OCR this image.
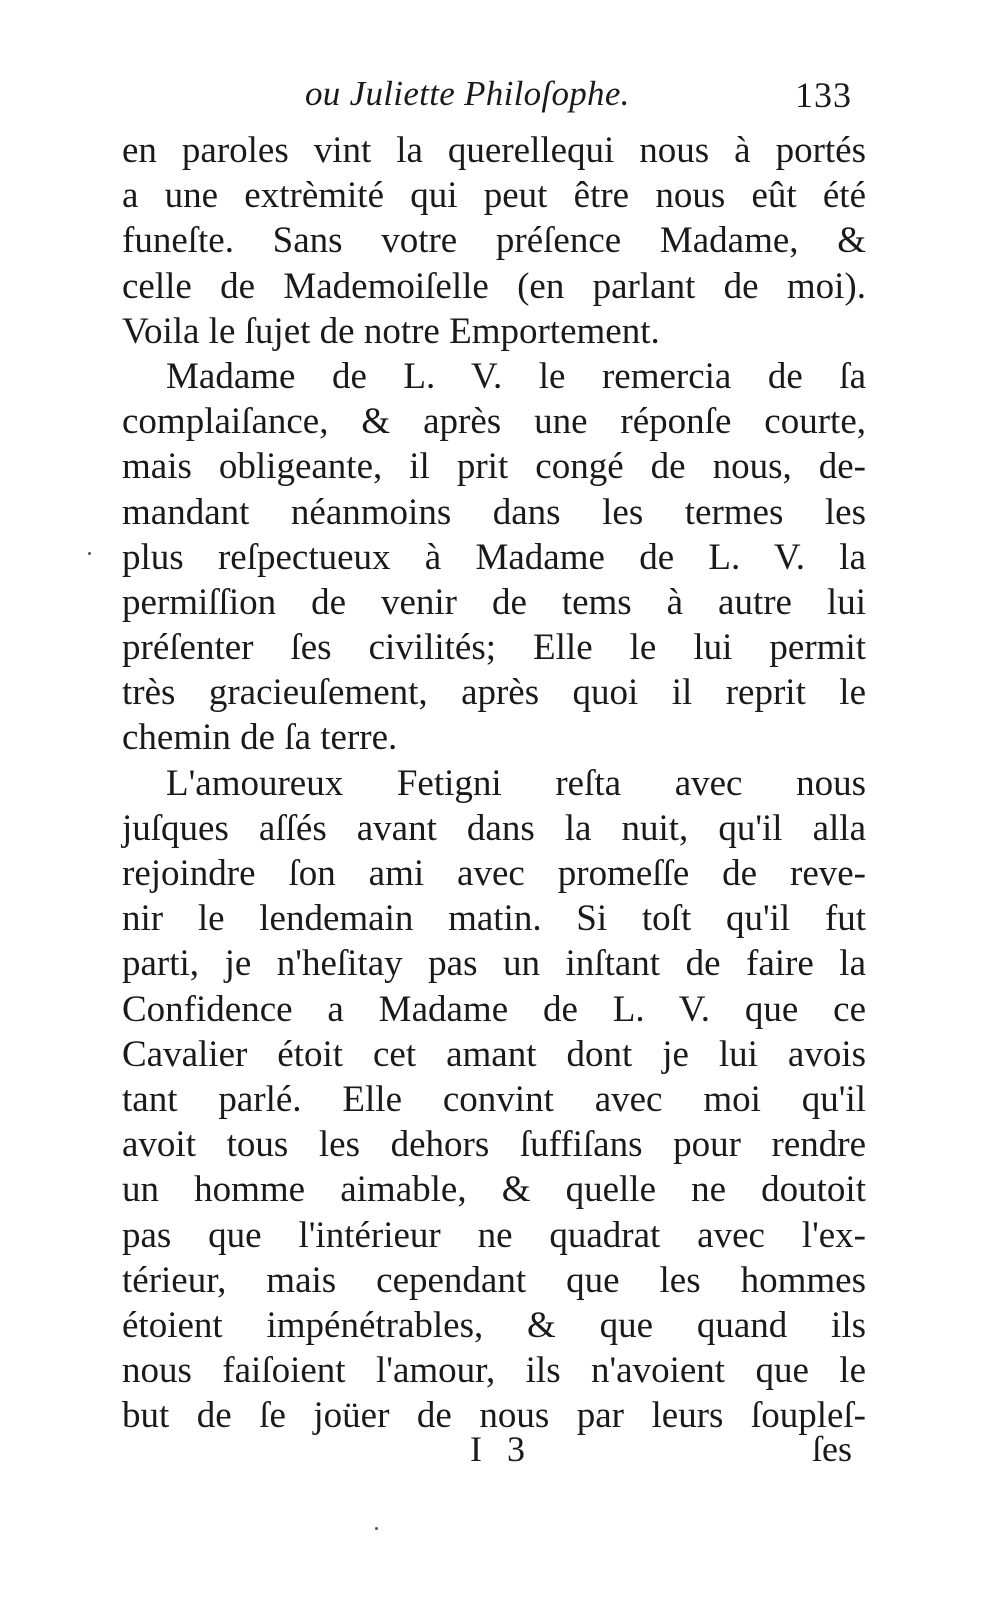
ou Juliette Philoſophe.	133
en paroles vint la querellequi nous à portés
a une extrèmité qui peut être nous eût été
funeſte. Sans votre préſence Madame, &
celle de Mademoiſelle (en parlant de moi).
Voila le ſujet de notre Emportement.
Madame de L. V. le remercia de ſa
complaiſance, & après une réponſe courte,
mais obligeante, il prit congé de nous, de-
mandant néanmoins dans les termes les
plus reſpectueux à Madame de L. V. la
permiſſion de venir de tems à autre lui
préſenter ſes civilités; Elle le lui permit
très gracieuſement, après quoi il reprit le
chemin de ſa terre.
L'amoureux Fetigni reſta avec nous
juſques aſſés avant dans la nuit, qu'il alla
rejoindre ſon ami avec promeſſe de reve-
nir le lendemain matin. Si toſt qu'il fut
parti, je n'heſitay pas un inſtant de faire la
Confidence a Madame de L. V. que ce
Cavalier étoit cet amant dont je lui avois
tant parlé. Elle convint avec moi qu'il
avoit tous les dehors ſuffiſans pour rendre
un homme aimable, & quelle ne doutoit
pas que l'intérieur ne quadrat avec l'ex-
térieur, mais cependant que les hommes
étoient impénétrables, & que quand ils
nous faiſoient l'amour, ils n'avoient que le
but de ſe joüer de nous par leurs ſoupleſ-
I 3	ſes
